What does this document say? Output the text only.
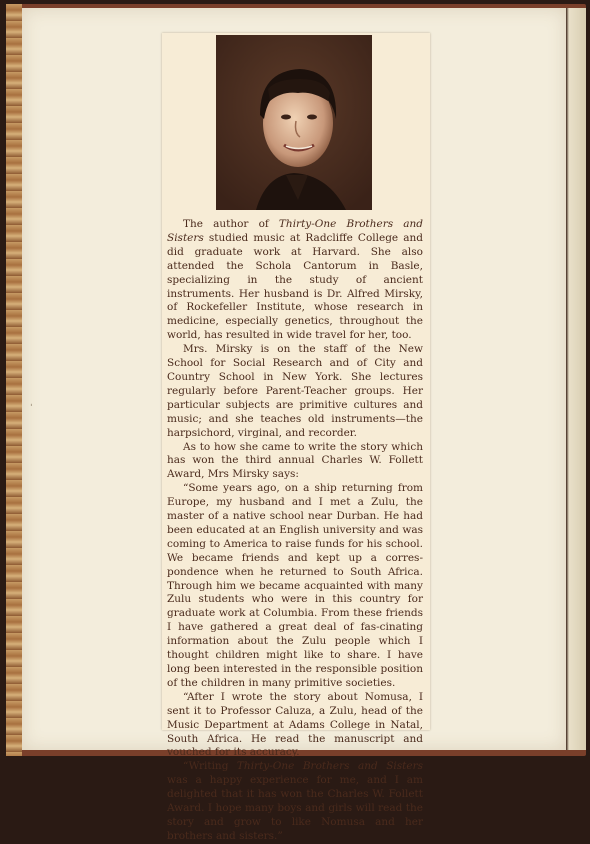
ˈ

The author of Thirty-One Brothers and Sisters studied music at Radcliffe College and did graduate work at Harvard. She also attended the Schola Cantorum in Basle, specializing in the study of ancient instruments. Her husband is Dr. Alfred Mirsky, of Rockefeller Institute, whose research in medicine, especially genetics, throughout the world, has resulted in wide travel for her, too.

Mrs. Mirsky is on the staff of the New School for Social Research and of City and Country School in New York. She lectures regularly before Parent-Teacher groups. Her particular subjects are primitive cultures and music; and she teaches old instruments—the harpsichord, virginal, and recorder.

As to how she came to write the story which has won the third annual Charles W. Follett Award, Mrs Mirsky says:

“Some years ago, on a ship returning from Europe, my husband and I met a Zulu, the master of a native school near Durban. He had been educated at an English university and was coming to America to raise funds for his school. We became friends and kept up a corres-pondence when he returned to South Africa. Through him we became acquainted with many Zulu students who were in this country for graduate work at Columbia. From these friends I have gathered a great deal of fas-cinating information about the Zulu people which I thought children might like to share. I have long been interested in the responsible position of the children in many primitive societies.

“After I wrote the story about Nomusa, I sent it to Professor Caluza, a Zulu, head of the Music Department at Adams College in Natal, South Africa. He read the manuscript and vouched for its accuracy.

“Writing Thirty-One Brothers and Sisters was a happy experience for me, and I am delighted that it has won the Charles W. Follett Award. I hope many boys and girls will read the story and grow to like Nomusa and her brothers and sisters.”
